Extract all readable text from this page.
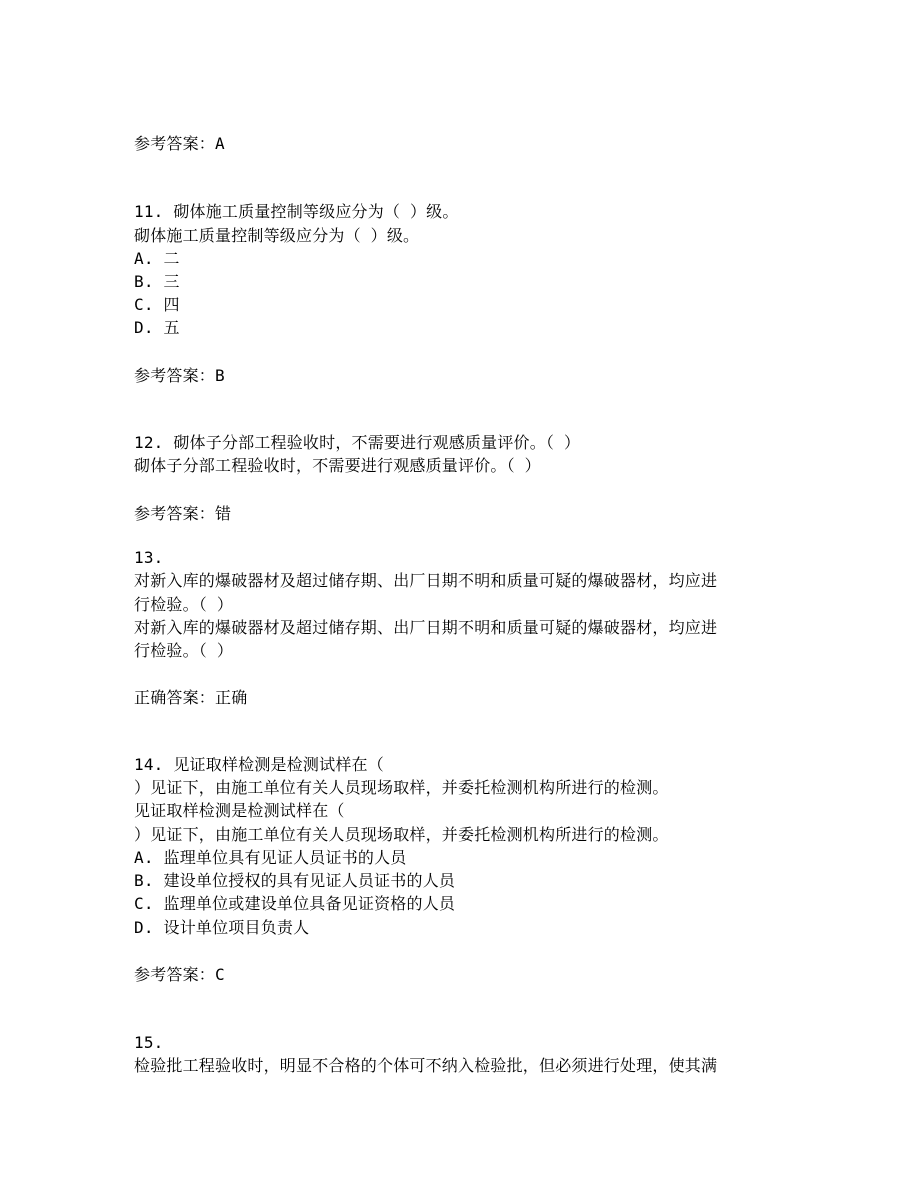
参考答案：A
11. 砌体施工质量控制等级应分为（ ）级。
砌体施工质量控制等级应分为（ ）级。
A. 二
B. 三
C. 四
D. 五
参考答案：B
12. 砌体子分部工程验收时，不需要进行观感质量评价。（ ）
砌体子分部工程验收时，不需要进行观感质量评价。（ ）
参考答案：错
13.
对新入库的爆破器材及超过储存期、出厂日期不明和质量可疑的爆破器材，均应进
行检验。（ ）
对新入库的爆破器材及超过储存期、出厂日期不明和质量可疑的爆破器材，均应进
行检验。（ ）
正确答案：正确
14. 见证取样检测是检测试样在（
）见证下，由施工单位有关人员现场取样，并委托检测机构所进行的检测。
见证取样检测是检测试样在（
）见证下，由施工单位有关人员现场取样，并委托检测机构所进行的检测。
A. 监理单位具有见证人员证书的人员
B. 建设单位授权的具有见证人员证书的人员
C. 监理单位或建设单位具备见证资格的人员
D. 设计单位项目负责人
参考答案：C
15.
检验批工程验收时，明显不合格的个体可不纳入检验批，但必须进行处理，使其满
